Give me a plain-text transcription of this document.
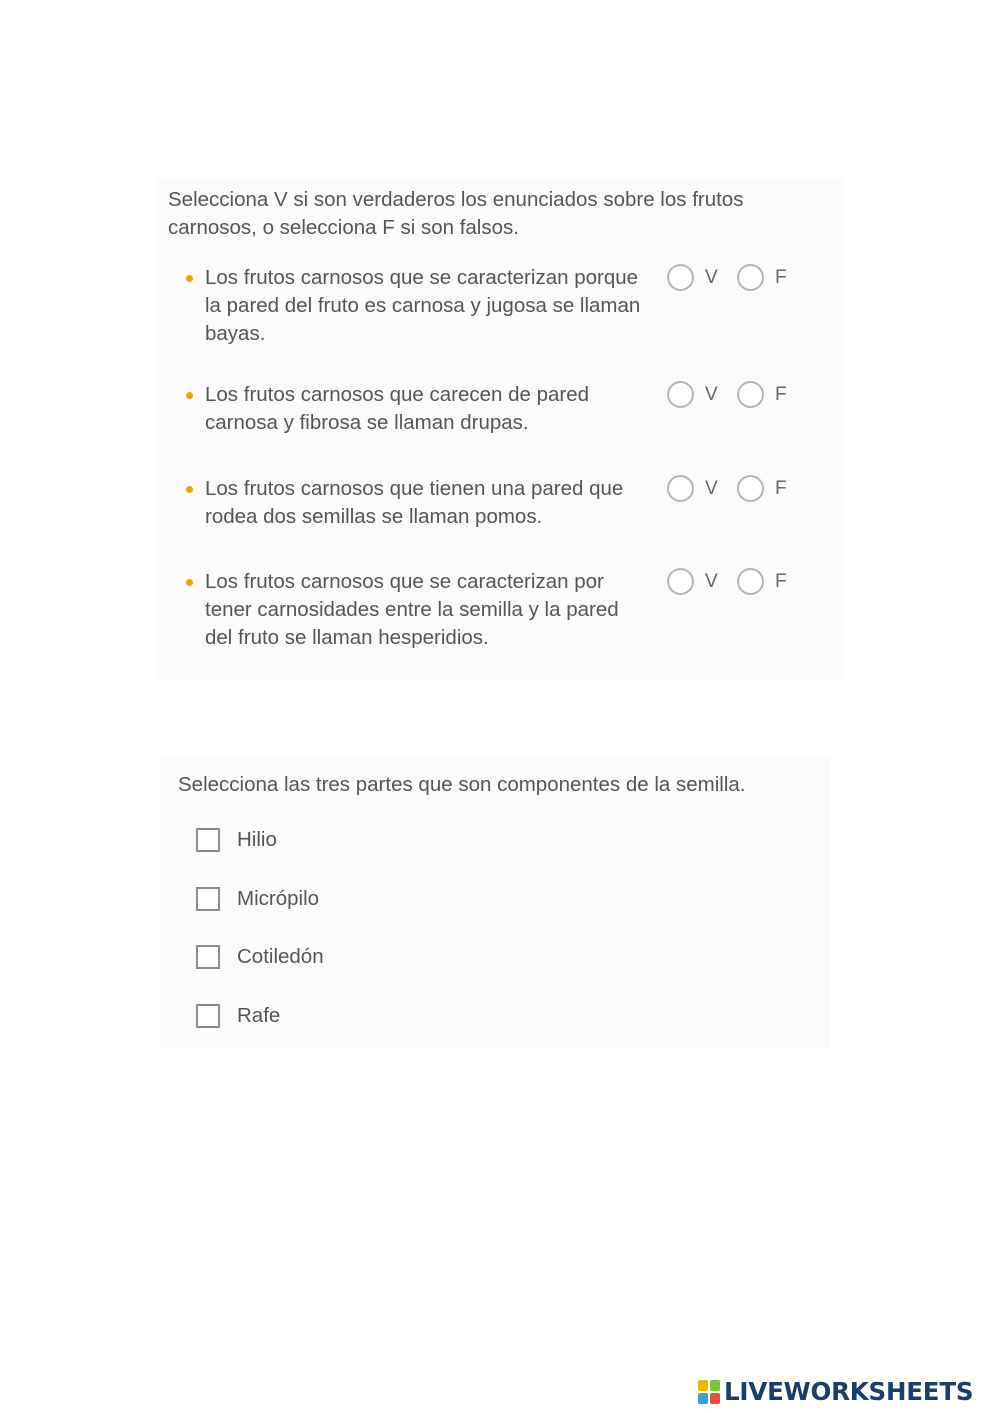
Selecciona V si son verdaderos los enunciados sobre los frutos carnosos, o selecciona F si son falsos.
Los frutos carnosos que se caracterizan porque la pared del fruto es carnosa y jugosa se llaman bayas.
V	F
Los frutos carnosos que carecen de pared carnosa y fibrosa se llaman drupas.
V	F
Los frutos carnosos que tienen una pared que rodea dos semillas se llaman pomos.
V	F
Los frutos carnosos que se caracterizan por tener carnosidades entre la semilla y la pared del fruto se llaman hesperidios.
V	F
Selecciona las tres partes que son componentes de la semilla.
Hilio
Micrópilo
Cotiledón
Rafe
LIVEWORKSHEETS
